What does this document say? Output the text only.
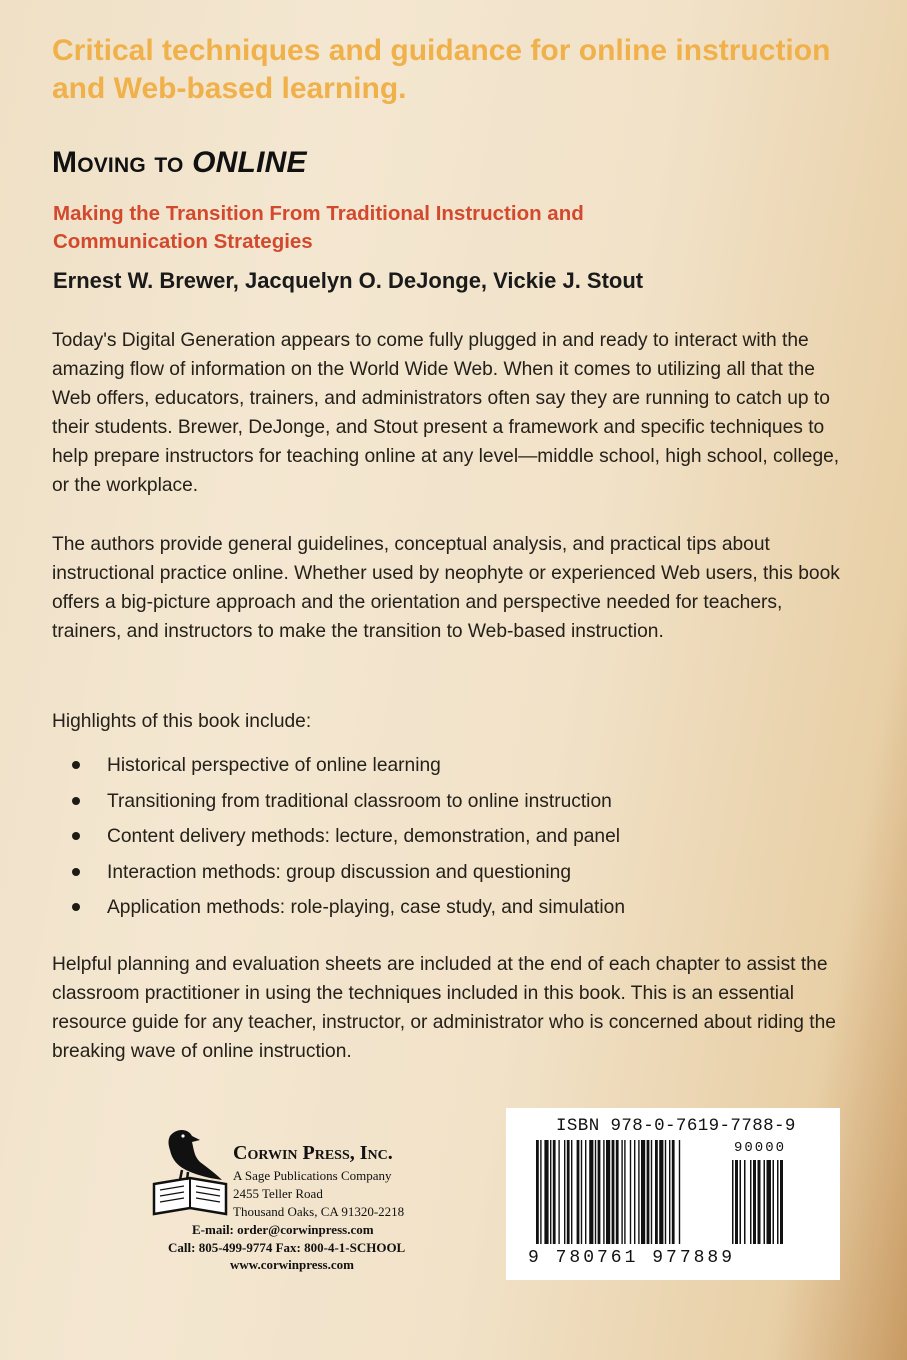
Critical techniques and guidance for online instruction and Web-based learning.
Moving to ONLINE
Making the Transition From Traditional Instruction and Communication Strategies
Ernest W. Brewer, Jacquelyn O. DeJonge, Vickie J. Stout
Today's Digital Generation appears to come fully plugged in and ready to interact with the amazing flow of information on the World Wide Web. When it comes to utilizing all that the Web offers, educators, trainers, and administrators often say they are running to catch up to their students. Brewer, DeJonge, and Stout present a framework and specific techniques to help prepare instructors for teaching online at any level—middle school, high school, college, or the workplace.
The authors provide general guidelines, conceptual analysis, and practical tips about instructional practice online. Whether used by neophyte or experienced Web users, this book offers a big-picture approach and the orientation and perspective needed for teachers, trainers, and instructors to make the transition to Web-based instruction.
Highlights of this book include:
Historical perspective of online learning
Transitioning from traditional classroom to online instruction
Content delivery methods: lecture, demonstration, and panel
Interaction methods: group discussion and questioning
Application methods: role-playing, case study, and simulation
Helpful planning and evaluation sheets are included at the end of each chapter to assist the classroom practitioner in using the techniques included in this book. This is an essential resource guide for any teacher, instructor, or administrator who is concerned about riding the breaking wave of online instruction.
Corwin Press, Inc.
A Sage Publications Company
2455 Teller Road
Thousand Oaks, CA 91320-2218
E-mail: order@corwinpress.com
Call: 805-499-9774 Fax: 800-4-1-SCHOOL
www.corwinpress.com
ISBN 978-0-7619-7788-9
90000
9 780761 977889
